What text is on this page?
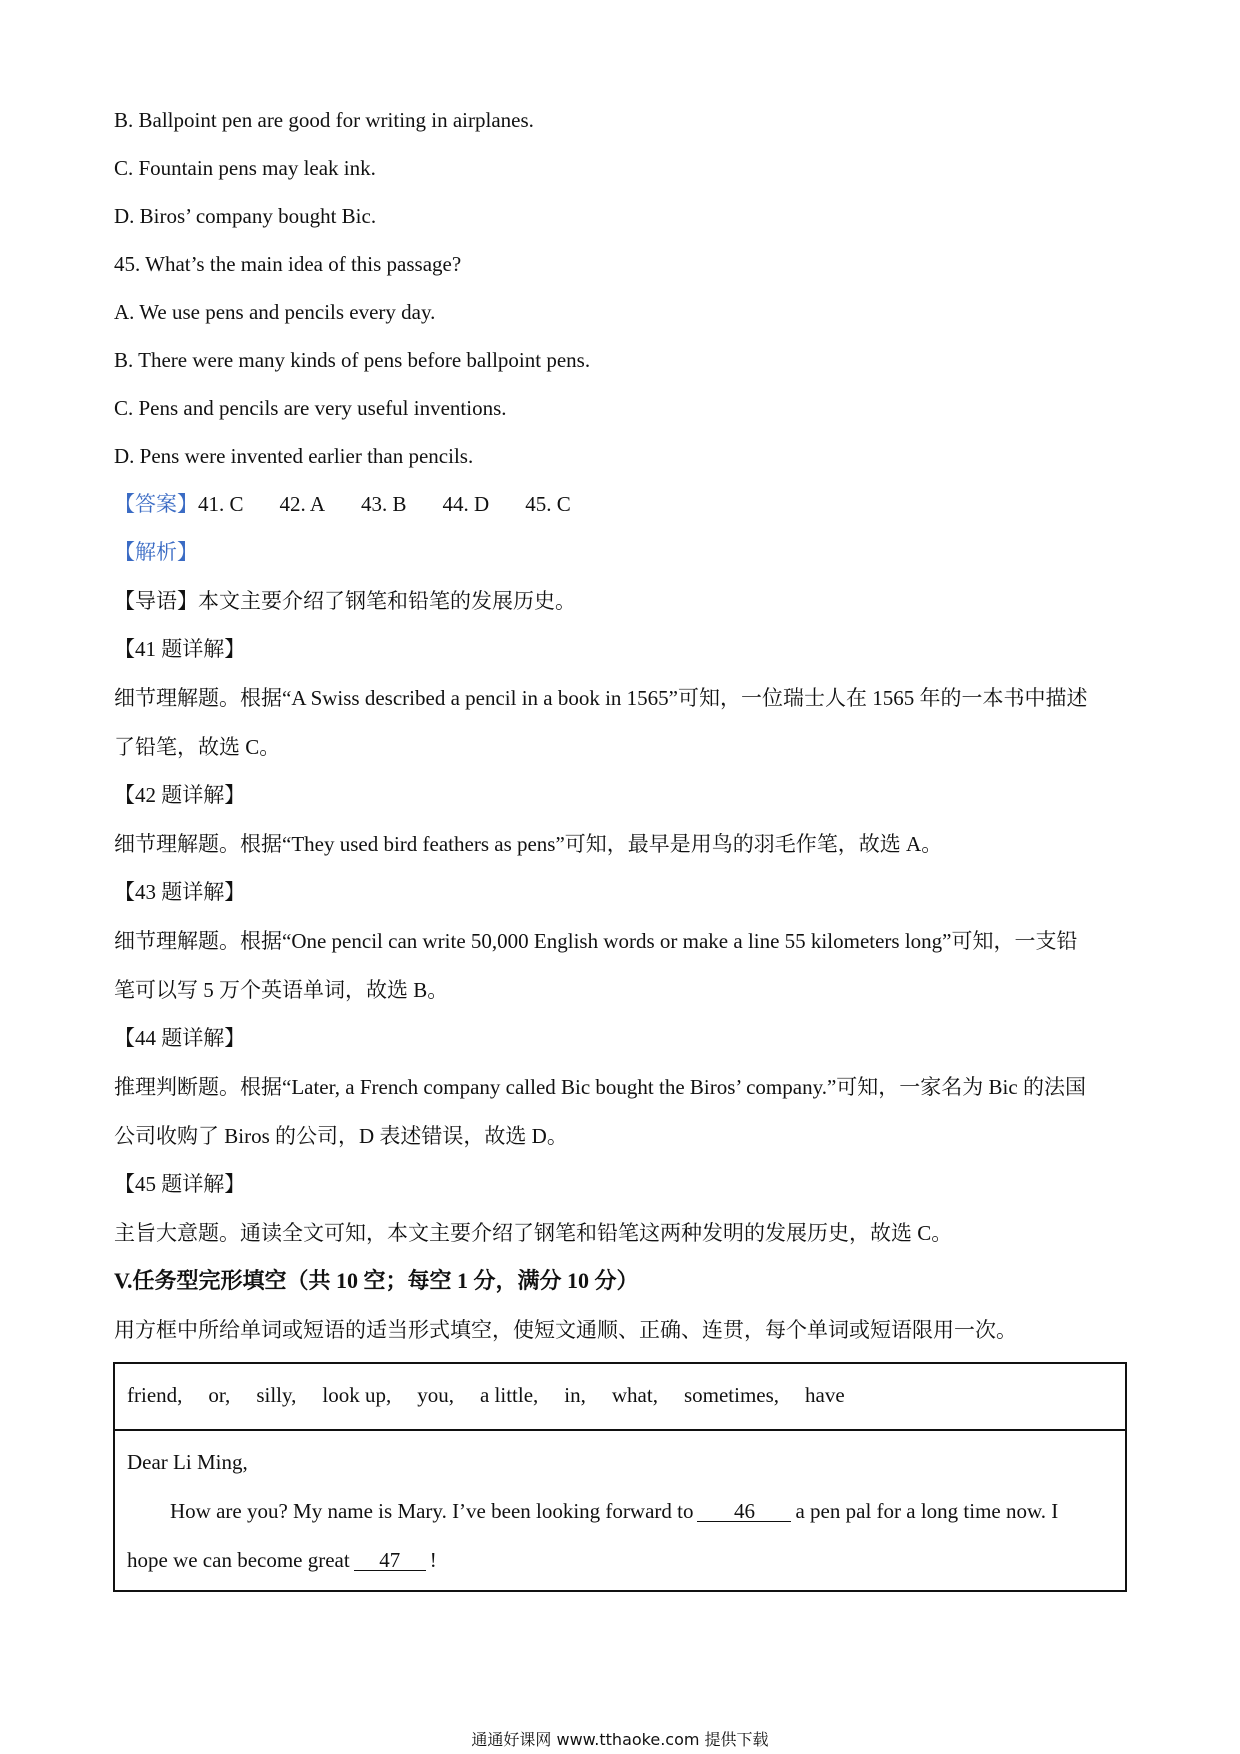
B. Ballpoint pen are good for writing in airplanes.
C. Fountain pens may leak ink.
D. Biros’ company bought Bic.
45. What’s the main idea of this passage?
A. We use pens and pencils every day.
B. There were many kinds of pens before ballpoint pens.
C. Pens and pencils are very useful inventions.
D. Pens were invented earlier than pencils.
【答案】41. C 42. A 43. B 44. D 45. C
【解析】
【导语】本文主要介绍了钢笔和铅笔的发展历史。
【41 题详解】
细节理解题。根据“A Swiss described a pencil in a book in 1565”可知，一位瑞士人在 1565 年的一本书中描述
了铅笔，故选 C。
【42 题详解】
细节理解题。根据“They used bird feathers as pens”可知，最早是用鸟的羽毛作笔，故选 A。
【43 题详解】
细节理解题。根据“One pencil can write 50,000 English words or make a line 55 kilometers long”可知，一支铅
笔可以写 5 万个英语单词，故选 B。
【44 题详解】
推理判断题。根据“Later, a French company called Bic bought the Biros’ company.”可知，一家名为 Bic 的法国
公司收购了 Biros 的公司，D 表述错误，故选 D。
【45 题详解】
主旨大意题。通读全文可知，本文主要介绍了钢笔和铅笔这两种发明的发展历史，故选 C。
V.任务型完形填空（共 10 空；每空 1 分，满分 10 分）
用方框中所给单词或短语的适当形式填空，使短文通顺、正确、连贯，每个单词或短语限用一次。
friend, or, silly, look up, you, a little, in, what, sometimes, have
Dear Li Ming,
How are you? My name is Mary. I’ve been looking forward to 46 a pen pal for a long time now. I
hope we can become great 47 !
通通好课网 www.tthaoke.com 提供下载
